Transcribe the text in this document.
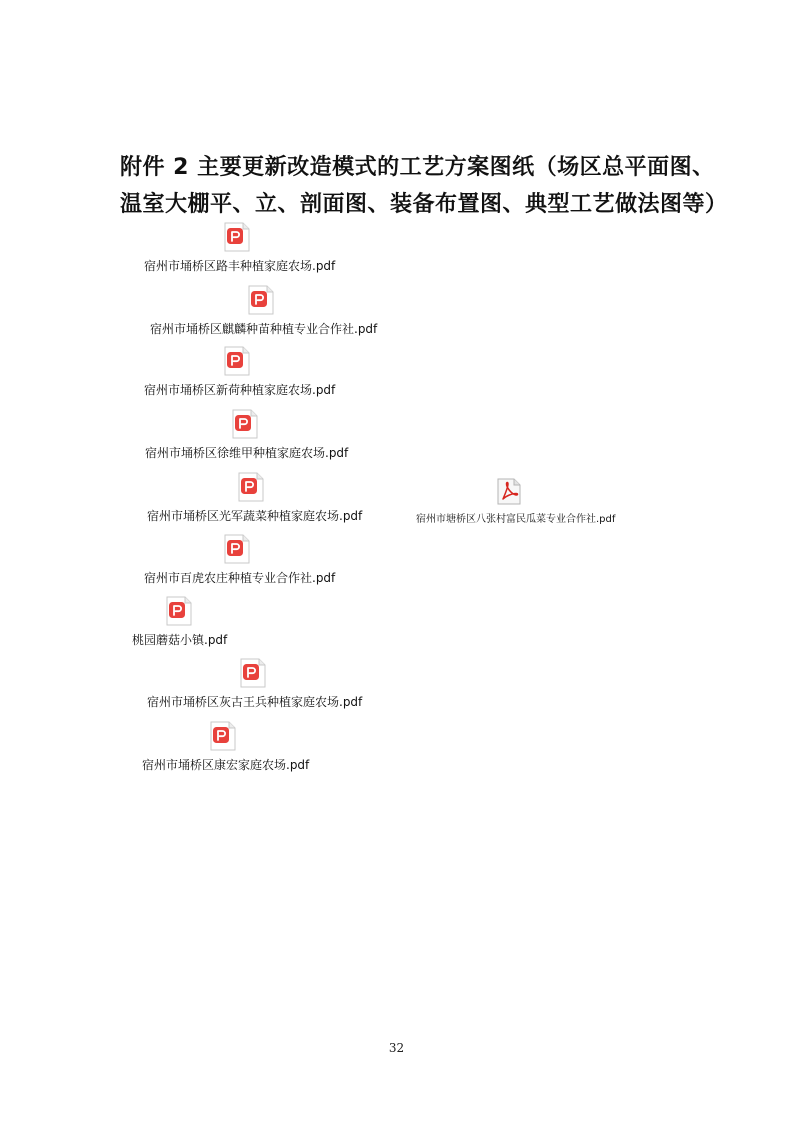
附件 2 主要更新改造模式的工艺方案图纸（场区总平面图、
温室大棚平、立、剖面图、装备布置图、典型工艺做法图等）
宿州市埇桥区路丰种植家庭农场.pdf
宿州市埇桥区麒麟种苗种植专业合作社.pdf
宿州市埇桥区新荷种植家庭农场.pdf
宿州市埇桥区徐维甲种植家庭农场.pdf
宿州市埇桥区光军蔬菜种植家庭农场.pdf	宿州市塘桥区八张村富民瓜菜专业合作社.pdf
宿州市百虎农庄种植专业合作社.pdf
桃园蘑菇小镇.pdf
宿州市埇桥区灰古王兵种植家庭农场.pdf
宿州市埇桥区康宏家庭农场.pdf
32
